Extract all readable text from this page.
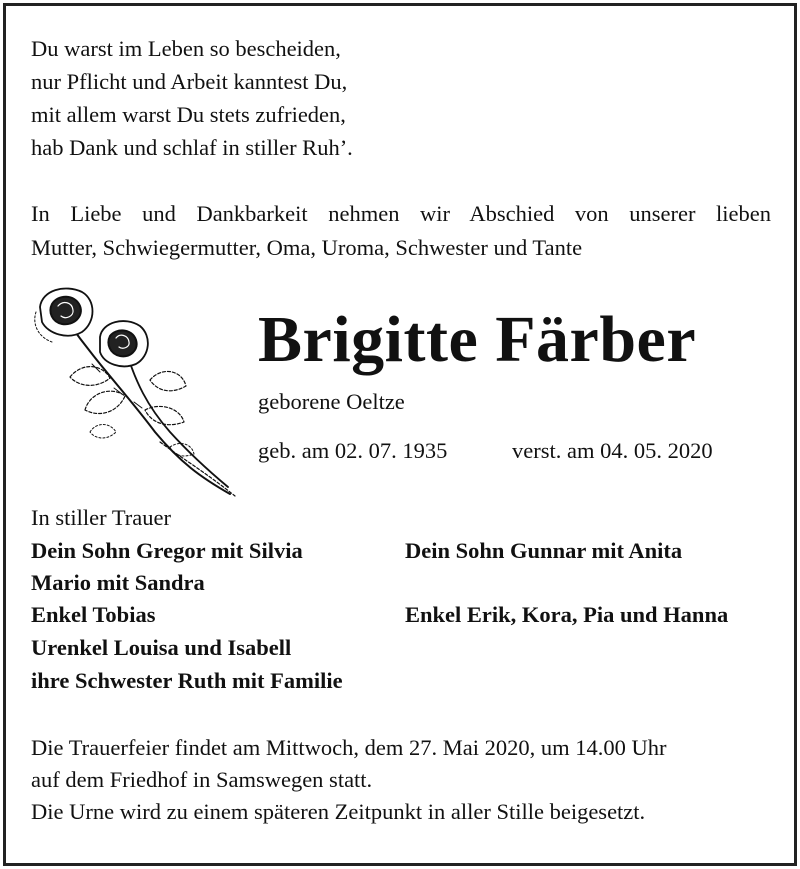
Du warst im Leben so bescheiden,
nur Pflicht und Arbeit kanntest Du,
mit allem warst Du stets zufrieden,
hab Dank und schlaf in stiller Ruh’.
In Liebe und Dankbarkeit nehmen wir Abschied von unserer lieben
Mutter, Schwiegermutter, Oma, Uroma, Schwester und Tante
Brigitte Färber
geborene Oeltze
geb. am 02. 07. 1935	verst. am 04. 05. 2020
In stiller Trauer
Dein Sohn Gregor mit Silvia	Dein Sohn Gunnar mit Anita
Mario mit Sandra
Enkel Tobias	Enkel Erik, Kora, Pia und Hanna
Urenkel Louisa und Isabell
ihre Schwester Ruth mit Familie
Die Trauerfeier findet am Mittwoch, dem 27. Mai 2020, um 14.00 Uhr
auf dem Friedhof in Samswegen statt.
Die Urne wird zu einem späteren Zeitpunkt in aller Stille beigesetzt.
